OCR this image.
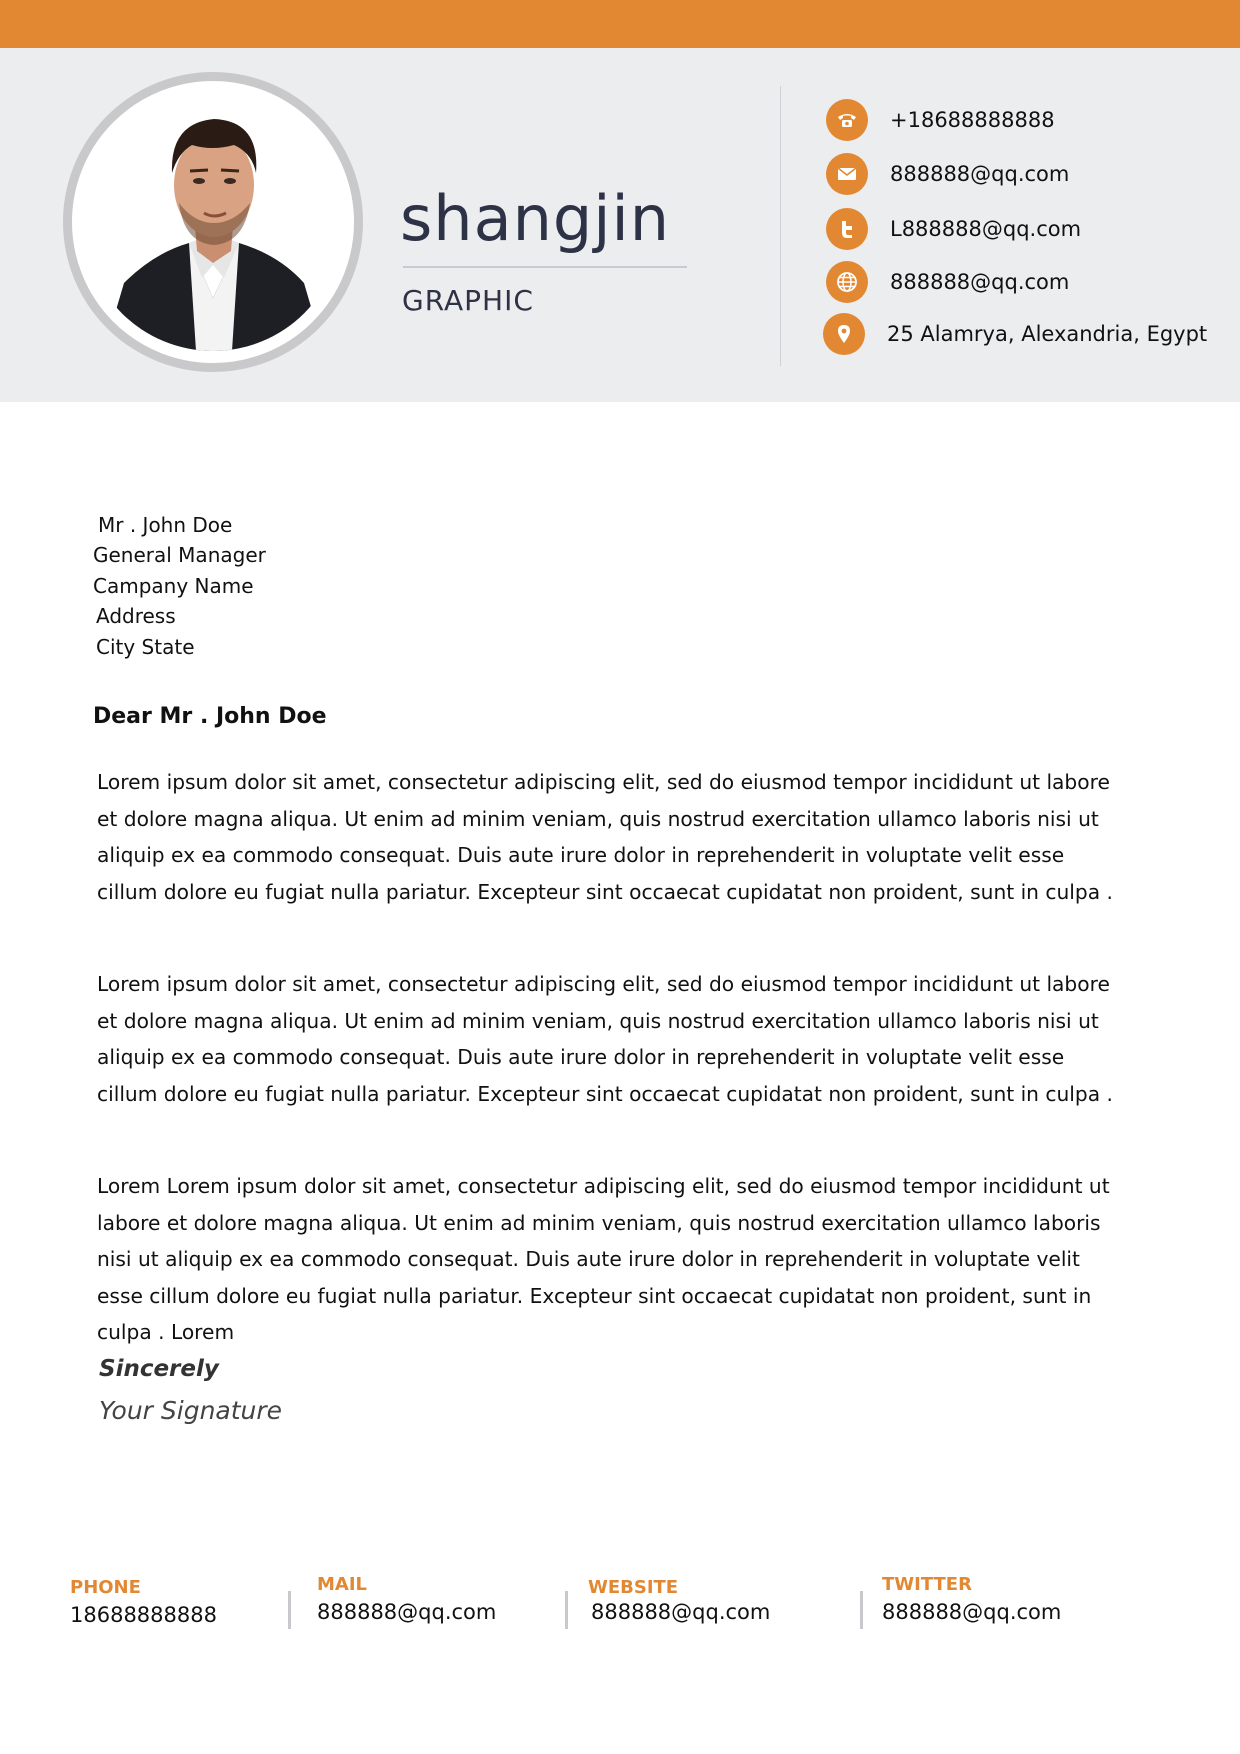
shangjin
GRAPHIC
+18688888888
888888@qq.com
L888888@qq.com
888888@qq.com
25 Alamrya, Alexandria, Egypt
Mr . John Doe
General Manager
Campany Name
Address
City State
Dear Mr . John Doe

Lorem ipsum dolor sit amet, consectetur adipiscing elit, sed do eiusmod tempor incididunt ut labore et dolore magna aliqua. Ut enim ad minim veniam, quis nostrud exercitation ullamco laboris nisi ut aliquip ex ea commodo consequat. Duis aute irure dolor in reprehenderit in voluptate velit esse cillum dolore eu fugiat nulla pariatur. Excepteur sint occaecat cupidatat non proident, sunt in culpa .

Lorem ipsum dolor sit amet, consectetur adipiscing elit, sed do eiusmod tempor incididunt ut labore et dolore magna aliqua. Ut enim ad minim veniam, quis nostrud exercitation ullamco laboris nisi ut aliquip ex ea commodo consequat. Duis aute irure dolor in reprehenderit in voluptate velit esse cillum dolore eu fugiat nulla pariatur. Excepteur sint occaecat cupidatat non proident, sunt in culpa .

Lorem Lorem ipsum dolor sit amet, consectetur adipiscing elit, sed do eiusmod tempor incididunt ut labore et dolore magna aliqua. Ut enim ad minim veniam, quis nostrud exercitation ullamco laboris nisi ut aliquip ex ea commodo consequat. Duis aute irure dolor in reprehenderit in voluptate velit esse cillum dolore eu fugiat nulla pariatur. Excepteur sint occaecat cupidatat non proident, sunt in culpa . Lorem

Sincerely
Your Signature
PHONE
18688888888
MAIL
888888@qq.com
WEBSITE
888888@qq.com
TWITTER
888888@qq.com
